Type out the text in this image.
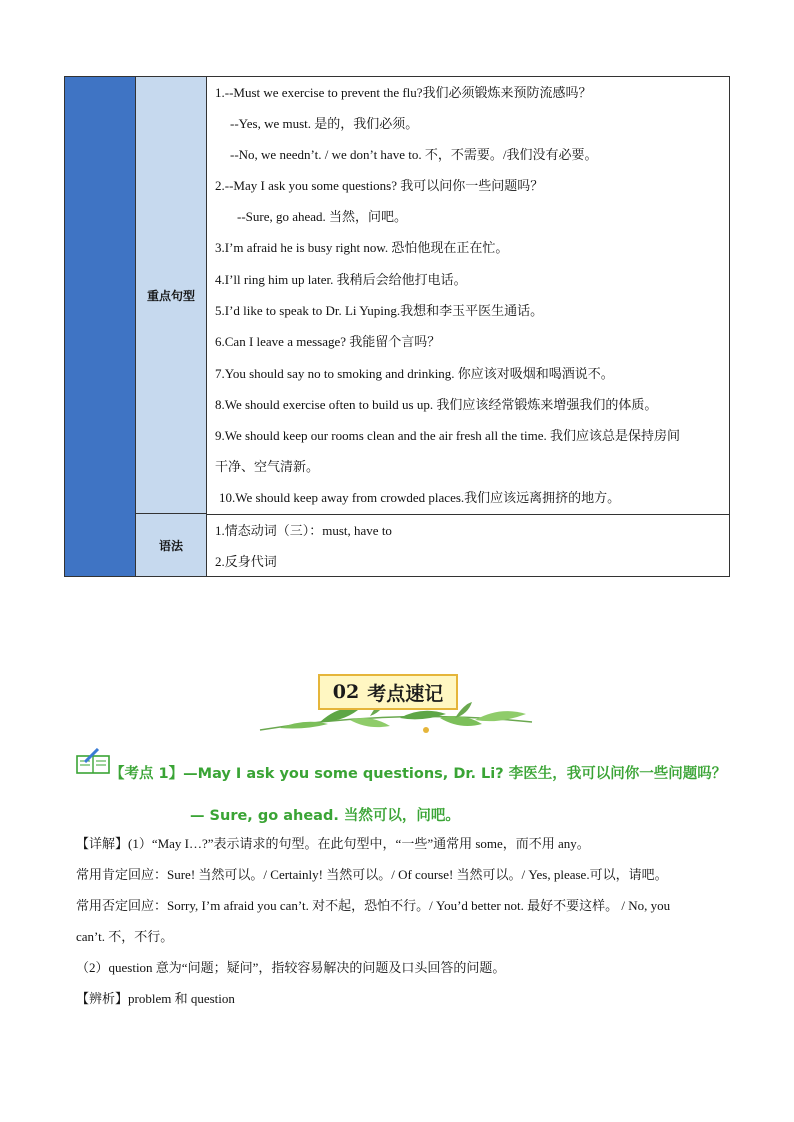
重点句型
语法
1.--Must we exercise to prevent the flu?我们必须锻炼来预防流感吗？
--Yes, we must. 是的，我们必须。
--No, we needn’t. / we don’t have to. 不，不需要。/我们没有必要。
2.--May I ask you some questions? 我可以问你一些问题吗？
--Sure, go ahead. 当然，问吧。
3.I’m afraid he is busy right now. 恐怕他现在正在忙。
4.I’ll ring him up later. 我稍后会给他打电话。
5.I’d like to speak to Dr. Li Yuping.我想和李玉平医生通话。
6.Can I leave a message? 我能留个言吗？
7.You should say no to smoking and drinking. 你应该对吸烟和喝酒说不。
8.We should exercise often to build us up. 我们应该经常锻炼来增强我们的体质。
9.We should keep our rooms clean and the air fresh all the time. 我们应该总是保持房间
干净、空气清新。
10.We should keep away from crowded places.我们应该远离拥挤的地方。
1.情态动词（三）：must, have to
2.反身代词
02 考点速记
【考点 1】—May I ask you some questions, Dr. Li? 李医生，我可以问你一些问题吗？
— Sure, go ahead. 当然可以，问吧。
【详解】(1）“May I…?”表示请求的句型。在此句型中，“一些”通常用 some，而不用 any。
常用肯定回应：Sure! 当然可以。/ Certainly! 当然可以。/ Of course! 当然可以。/ Yes, please.可以，请吧。
常用否定回应：Sorry, I’m afraid you can’t. 对不起，恐怕不行。/ You’d better not. 最好不要这样。 / No, you
can’t. 不，不行。
（2）question 意为“问题；疑问”，指较容易解决的问题及口头回答的问题。
【辨析】problem 和 question
